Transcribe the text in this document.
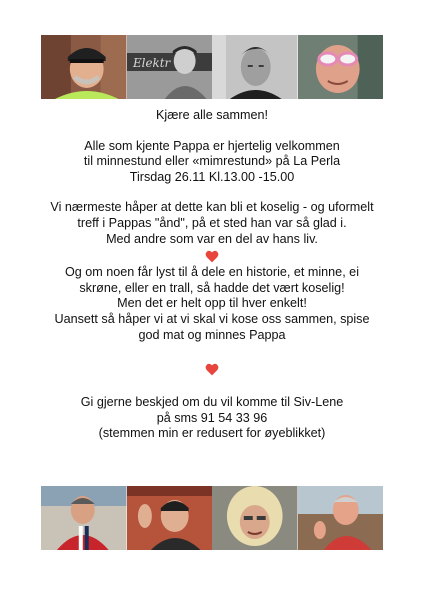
Elektr

Kjære alle sammen!

Alle som kjente Pappa er hjertelig velkommen

til minnestund eller «mimrestund» på La Perla

Tirsdag 26.11 Kl.13.00 -15.00

Vi nærmeste håper at dette kan bli et koselig - og uformelt

treff i Pappas "ånd", på et sted han var så glad i.

Med andre som var en del av hans liv.

Og om noen får lyst til å dele en historie, et minne, ei

skrøne, eller en trall, så hadde det vært koselig!

Men det er helt opp til hver enkelt!

Uansett så håper vi at vi skal vi kose oss sammen, spise

god mat og minnes Pappa

Gi gjerne beskjed om du vil komme til Siv-Lene

på sms 91 54 33 96

(stemmen min er redusert for øyeblikket)
